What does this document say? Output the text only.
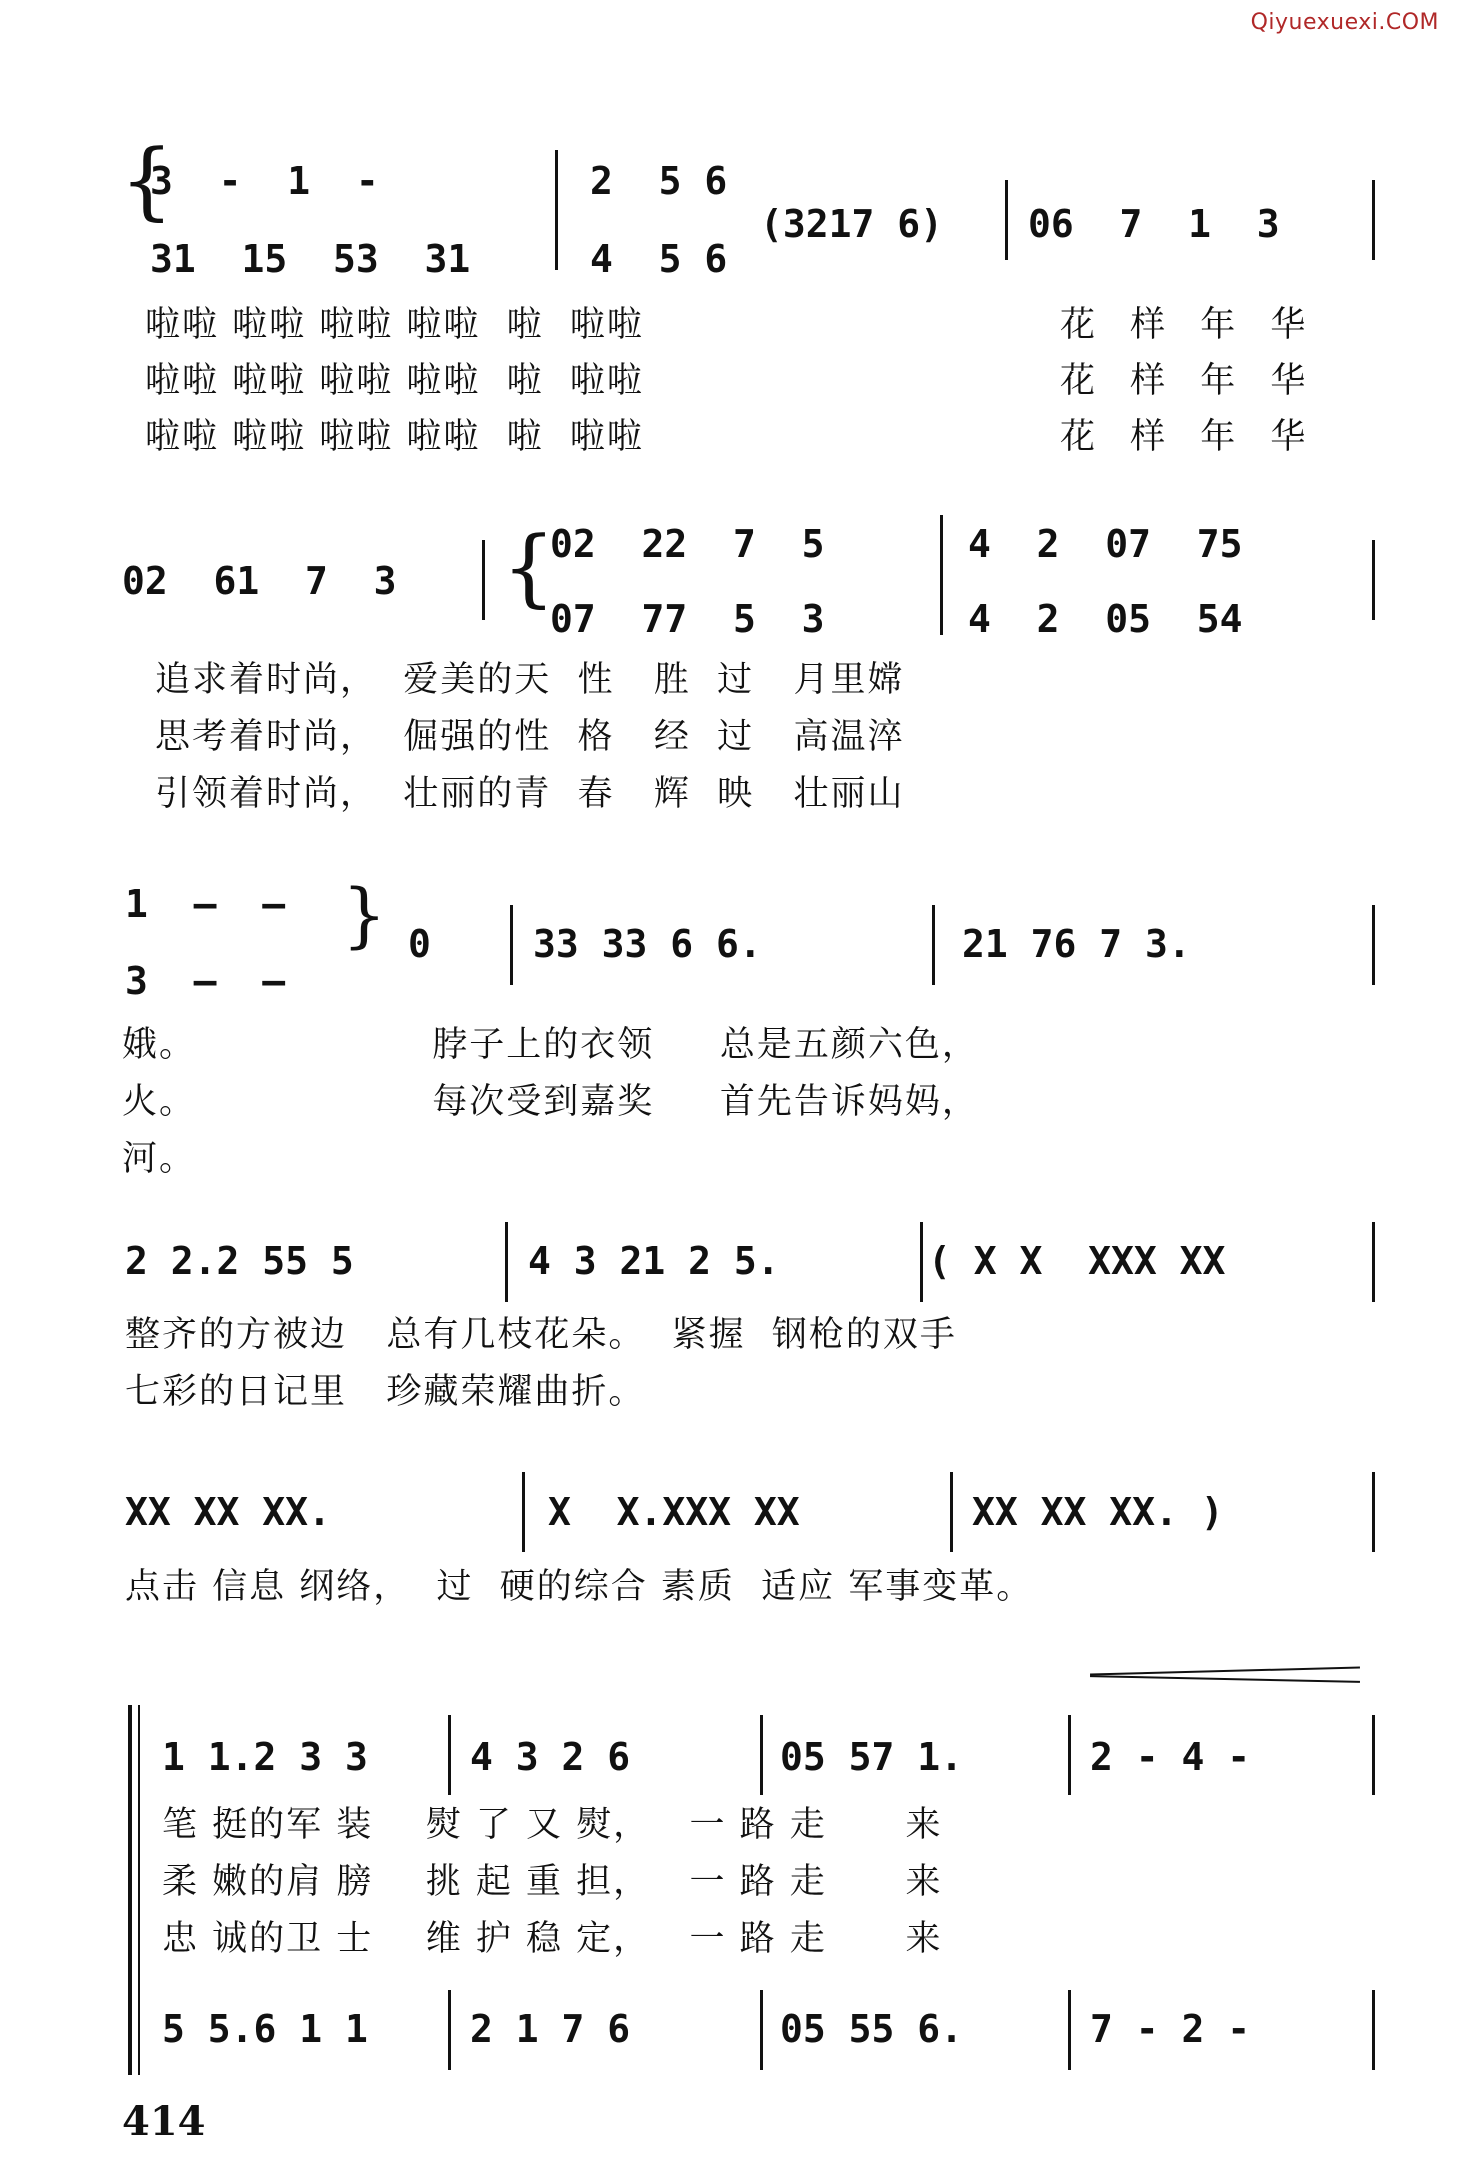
Qiyuexuexi.COM
{
3  -  1  -
31  15  53  31
2  5 6
4  5 6
(3217 6) 06  7  1  3
啦啦 啦啦 啦啦 啦啦  啦  啦啦
啦啦 啦啦 啦啦 啦啦  啦  啦啦
啦啦 啦啦 啦啦 啦啦  啦  啦啦
花 样 年 华
花 样 年 华
花 样 年 华
02  61  7  3 {
02  22  7  5
07  77  5  3
4  2  07  75
4  2  05  54
追求着时尚，  爱美的天  性   胜  过   月里嫦
思考着时尚，  倔强的性  格   经  过   高温淬
引领着时尚，  壮丽的青  春   辉  映   壮丽山
1  –  –
3  –  –
} 0	33 33 6 6.	21 76 7 3.
娥。                  脖子上的衣领     总是五颜六色，
火。                  每次受到嘉奖     首先告诉妈妈，
河。
2 2.2 55 5	4 3 21 2 5.	( X X  XXX XX
整齐的方被边   总有几枝花朵。  紧握  钢枪的双手
七彩的日记里   珍藏荣耀曲折。
XX XX XX.	X  X.XXX XX	XX XX XX. )
点击 信息 纲络，  过  硬的综合 素质  适应 军事变革。
1 1.2 3 3	4 3 2 6	05 57 1.	2 - 4 -
笔 挺的军 装    熨 了 又 熨，   一 路 走      来
柔 嫩的肩 膀    挑 起 重 担，   一 路 走      来
忠 诚的卫 士    维 护 稳 定，   一 路 走      来
5 5.6 1 1	2 1 7 6	05 55 6.	7 - 2 -
414
